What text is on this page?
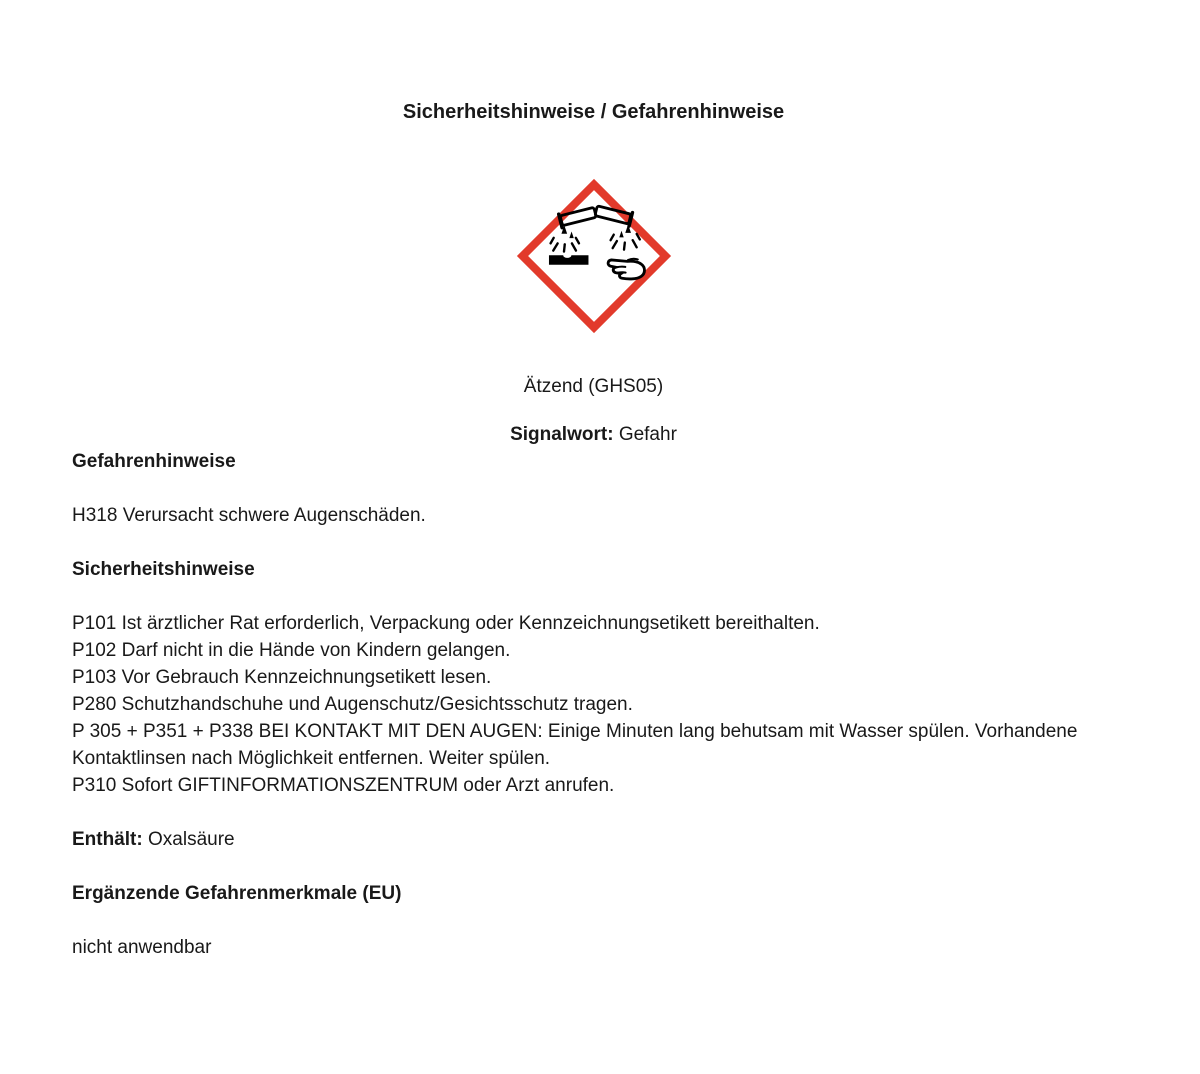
Sicherheitshinweise / Gefahrenhinweise
Ätzend (GHS05)
Signalwort: Gefahr
Gefahrenhinweise
H318 Verursacht schwere Augenschäden.
Sicherheitshinweise
P101 Ist ärztlicher Rat erforderlich, Verpackung oder Kennzeichnungsetikett bereithalten.
P102 Darf nicht in die Hände von Kindern gelangen.
P103 Vor Gebrauch Kennzeichnungsetikett lesen.
P280 Schutzhandschuhe und Augenschutz/Gesichtsschutz tragen.
P 305 + P351 + P338 BEI KONTAKT MIT DEN AUGEN: Einige Minuten lang behutsam mit Wasser spülen. Vorhandene Kontaktlinsen nach Möglichkeit entfernen. Weiter spülen.
P310 Sofort GIFTINFORMATIONSZENTRUM oder Arzt anrufen.
Enthält: Oxalsäure
Ergänzende Gefahrenmerkmale (EU)
nicht anwendbar
